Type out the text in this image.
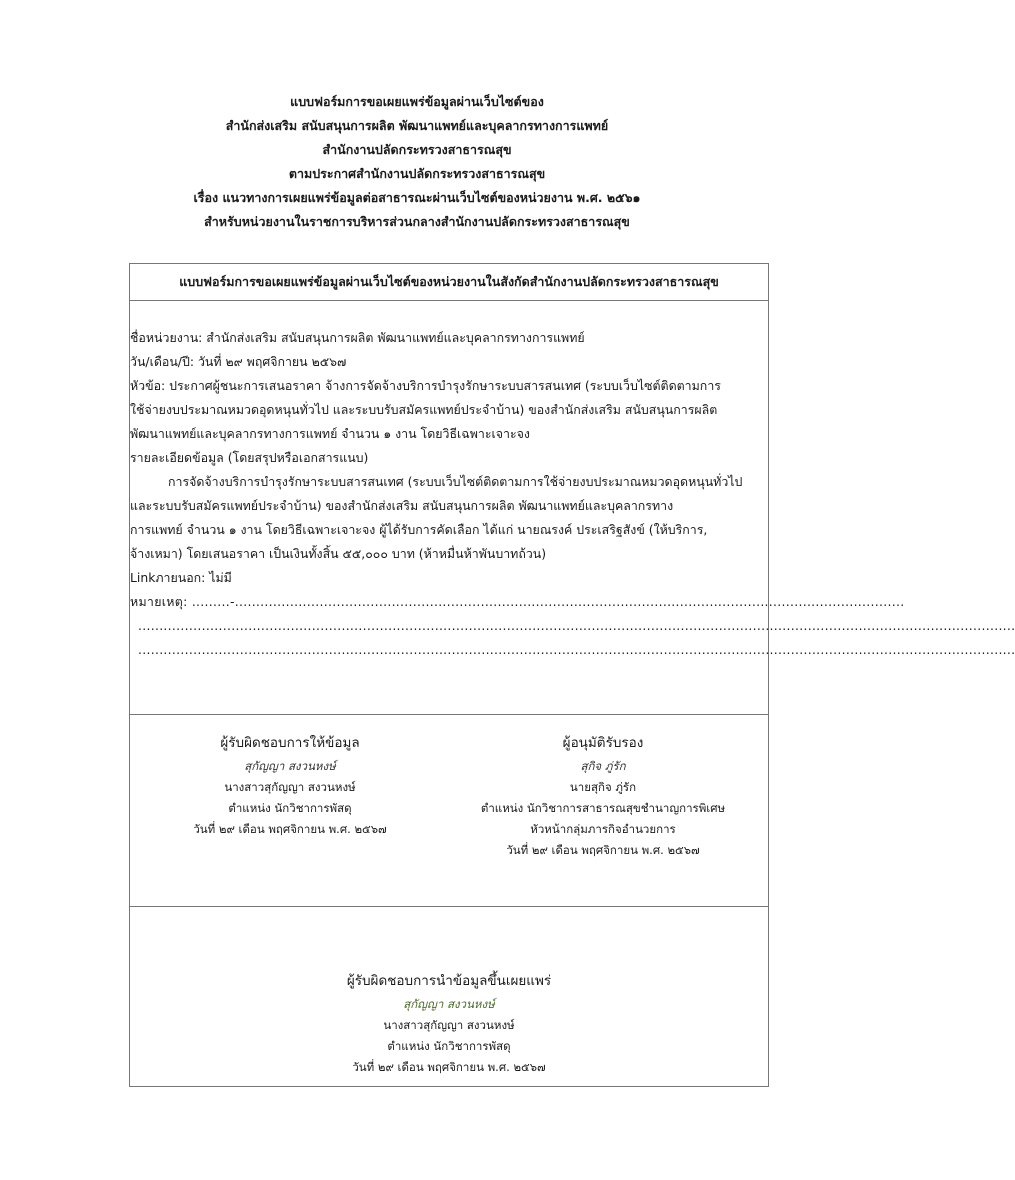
แบบฟอร์มการขอเผยแพร่ข้อมูลผ่านเว็บไซต์ของ
สำนักส่งเสริม สนับสนุนการผลิต พัฒนาแพทย์และบุคลากรทางการแพทย์
สำนักงานปลัดกระทรวงสาธารณสุข
ตามประกาศสำนักงานปลัดกระทรวงสาธารณสุข
เรื่อง แนวทางการเผยแพร่ข้อมูลต่อสาธารณะผ่านเว็บไซต์ของหน่วยงาน พ.ศ. ๒๕๖๑
สำหรับหน่วยงานในราชการบริหารส่วนกลางสำนักงานปลัดกระทรวงสาธารณสุข
แบบฟอร์มการขอเผยแพร่ข้อมูลผ่านเว็บไซต์ของหน่วยงานในสังกัดสำนักงานปลัดกระทรวงสาธารณสุข
ชื่อหน่วยงาน: สำนักส่งเสริม สนับสนุนการผลิต พัฒนาแพทย์และบุคลากรทางการแพทย์
วัน/เดือน/ปี: วันที่ ๒๙ พฤศจิกายน ๒๕๖๗
หัวข้อ: ประกาศผู้ชนะการเสนอราคา จ้างการจัดจ้างบริการบำรุงรักษาระบบสารสนเทศ (ระบบเว็บไซต์ติดตามการ
ใช้จ่ายงบประมาณหมวดอุดหนุนทั่วไป และระบบรับสมัครแพทย์ประจำบ้าน) ของสำนักส่งเสริม สนับสนุนการผลิต
พัฒนาแพทย์และบุคลากรทางการแพทย์ จำนวน ๑ งาน โดยวิธีเฉพาะเจาะจง
รายละเอียดข้อมูล (โดยสรุปหรือเอกสารแนบ)
การจัดจ้างบริการบำรุงรักษาระบบสารสนเทศ (ระบบเว็บไซต์ติดตามการใช้จ่ายงบประมาณหมวดอุดหนุนทั่วไป
และระบบรับสมัครแพทย์ประจำบ้าน) ของสำนักส่งเสริม สนับสนุนการผลิต พัฒนาแพทย์และบุคลากรทาง
การแพทย์ จำนวน ๑ งาน โดยวิธีเฉพาะเจาะจง ผู้ได้รับการคัดเลือก ได้แก่ นายณรงค์ ประเสริฐสังข์ (ให้บริการ,
จ้างเหมา) โดยเสนอราคา เป็นเงินทั้งสิ้น ๕๕,๐๐๐ บาท (ห้าหมื่นห้าพันบาทถ้วน)
Linkภายนอก: ไม่มี
หมายเหตุ: .........-..............................................................................................................................................................
...............................................................................................................................................................................................................
...............................................................................................................................................................................................................
ผู้รับผิดชอบการให้ข้อมูล
สุกัญญา สงวนหงษ์
นางสาวสุกัญญา สงวนหงษ์
ตำแหน่ง นักวิชาการพัสดุ
วันที่ ๒๙ เดือน พฤศจิกายน พ.ศ. ๒๕๖๗
ผู้อนุมัติรับรอง
สุกิจ ภู่รัก
นายสุกิจ ภู่รัก
ตำแหน่ง นักวิชาการสาธารณสุขชำนาญการพิเศษ
หัวหน้ากลุ่มภารกิจอำนวยการ
วันที่ ๒๙ เดือน พฤศจิกายน พ.ศ. ๒๕๖๗
ผู้รับผิดชอบการนำข้อมูลขึ้นเผยแพร่
สุกัญญา สงวนหงษ์
นางสาวสุกัญญา สงวนหงษ์
ตำแหน่ง นักวิชาการพัสดุ
วันที่ ๒๙ เดือน พฤศจิกายน พ.ศ. ๒๕๖๗
